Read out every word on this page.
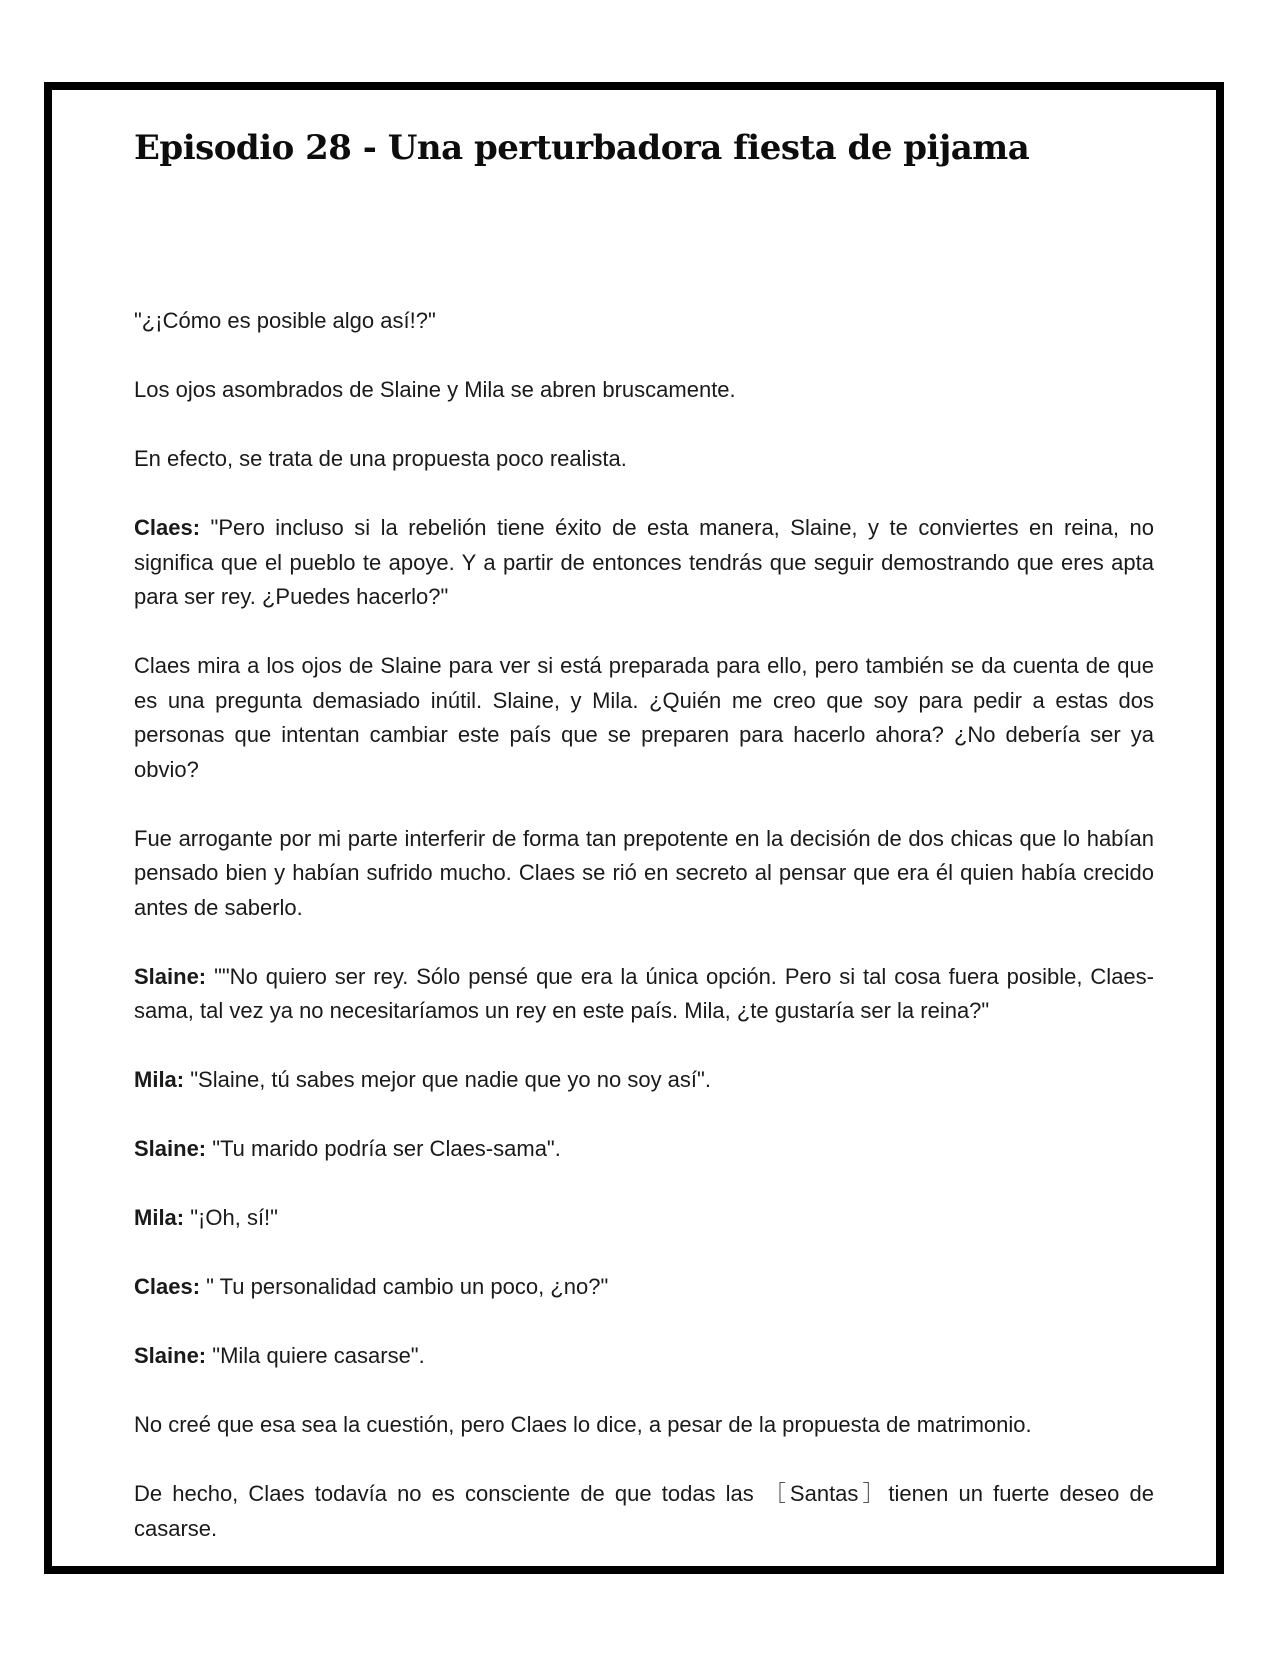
Episodio 28 - Una perturbadora fiesta de pijama

"¿¡Cómo es posible algo así!?"

Los ojos asombrados de Slaine y Mila se abren bruscamente.

En efecto, se trata de una propuesta poco realista.

Claes: "Pero incluso si la rebelión tiene éxito de esta manera, Slaine, y te conviertes en reina, no significa que el pueblo te apoye. Y a partir de entonces tendrás que seguir demostrando que eres apta para ser rey. ¿Puedes hacerlo?"

Claes mira a los ojos de Slaine para ver si está preparada para ello, pero también se da cuenta de que es una pregunta demasiado inútil. Slaine, y Mila. ¿Quién me creo que soy para pedir a estas dos personas que intentan cambiar este país que se preparen para hacerlo ahora? ¿No debería ser ya obvio?

Fue arrogante por mi parte interferir de forma tan prepotente en la decisión de dos chicas que lo habían pensado bien y habían sufrido mucho. Claes se rió en secreto al pensar que era él quien había crecido antes de saberlo.

Slaine: ""No quiero ser rey. Sólo pensé que era la única opción. Pero si tal cosa fuera posible, Claes-sama, tal vez ya no necesitaríamos un rey en este país. Mila, ¿te gustaría ser la reina?"

Mila: "Slaine, tú sabes mejor que nadie que yo no soy así".

Slaine: "Tu marido podría ser Claes-sama".

Mila: "¡Oh, sí!"

Claes: " Tu personalidad cambio un poco, ¿no?"

Slaine: "Mila quiere casarse".

No creé que esa sea la cuestión, pero Claes lo dice, a pesar de la propuesta de matrimonio.

De hecho, Claes todavía no es consciente de que todas las ［Santas］tienen un fuerte deseo de casarse.
